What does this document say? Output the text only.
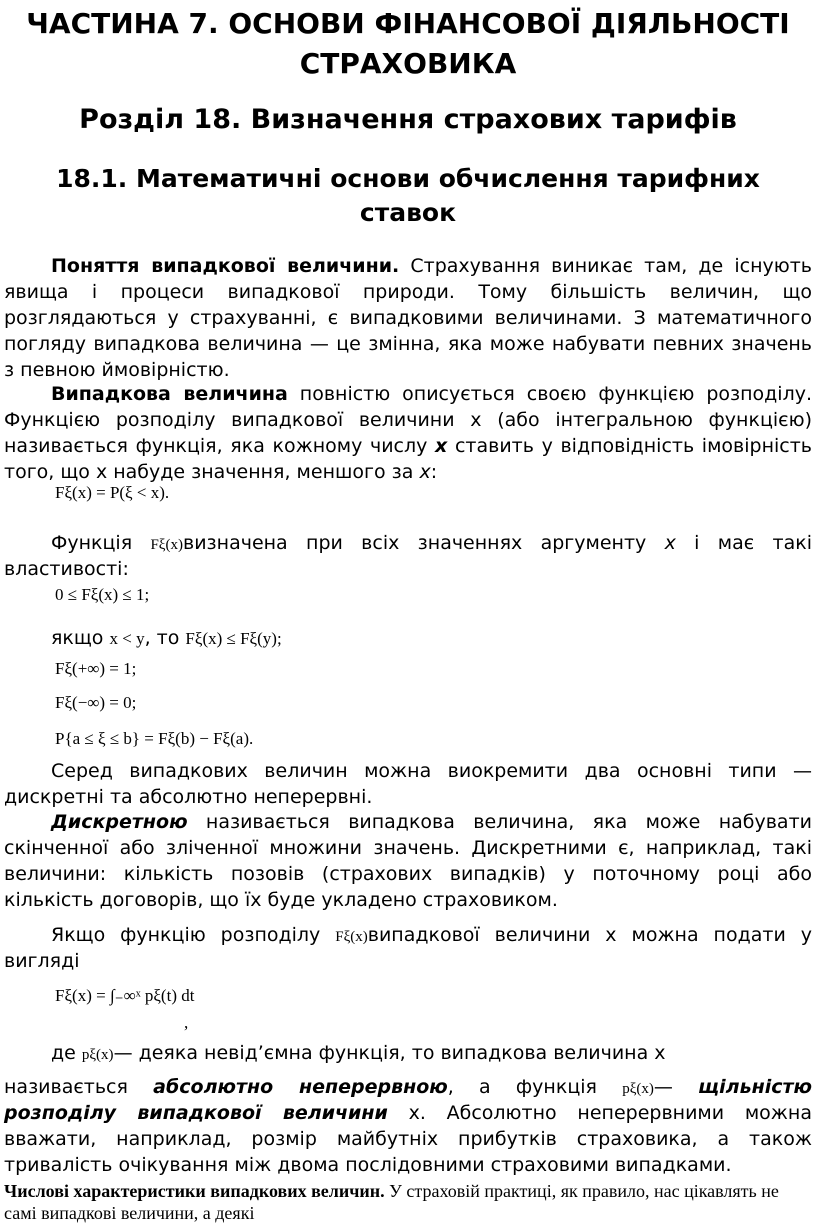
ЧАСТИНА 7. ОСНОВИ ФІНАНСОВОЇ ДІЯЛЬНОСТІ СТРАХОВИКА
Розділ 18. Визначення страхових тарифів
18.1. Математичні основи обчислення тарифних ставок

Поняття випадкової величини. Страхування виникає там, де існують явища і процеси випадкової природи. Тому більшість величин, що розглядаються у страхуванні, є випадковими величинами. З математичного погляду випадкова величина — це змінна, яка може набувати певних значень з певною ймовірністю.

Випадкова величина повністю описується своєю функцією розподілу. Функцією розподілу випадкової величини х (або інтегральною функцією) називається функція, яка кожному числу x ставить у відповідність імовірність того, що х набуде значення, меншого за x:

Fξ(x) = P(ξ < x).

Функція Fξ(x)визначена при всіх значеннях аргументу x і має такі властивості:

0 ≤ Fξ(x) ≤ 1;
якщо x < y, то Fξ(x) ≤ Fξ(y);
Fξ(+∞) = 1;
Fξ(−∞) = 0;
P{a ≤ ξ ≤ b} = Fξ(b) − Fξ(a).

Серед випадкових величин можна виокремити два основні типи — дискретні та абсолютно неперервні.

Дискретною називається випадкова величина, яка може набувати скінченної або зліченної множини значень. Дискретними є, наприклад, такі величини: кількість позовів (страхових випадків) у поточному році або кількість договорів, що їх буде укладено страховиком.

Якщо функцію розподілу Fξ(x)випадкової величини х можна подати у вигляді

Fξ(x) = ∫₋∞ˣ pξ(t) dt
,
де pξ(x)— деяка невід’ємна функція, то випадкова величина х

називається абсолютно неперервною, а функція pξ(x)— щільністю розподілу випадкової величини х. Абсолютно неперервними можна вважати, наприклад, розмір майбутніх прибутків страховика, а також тривалість очікування між двома послідовними страховими випадками.

Числові характеристики випадкових величин. У страховій практиці, як правило, нас цікавлять не самі випадкові величини, а деякі
